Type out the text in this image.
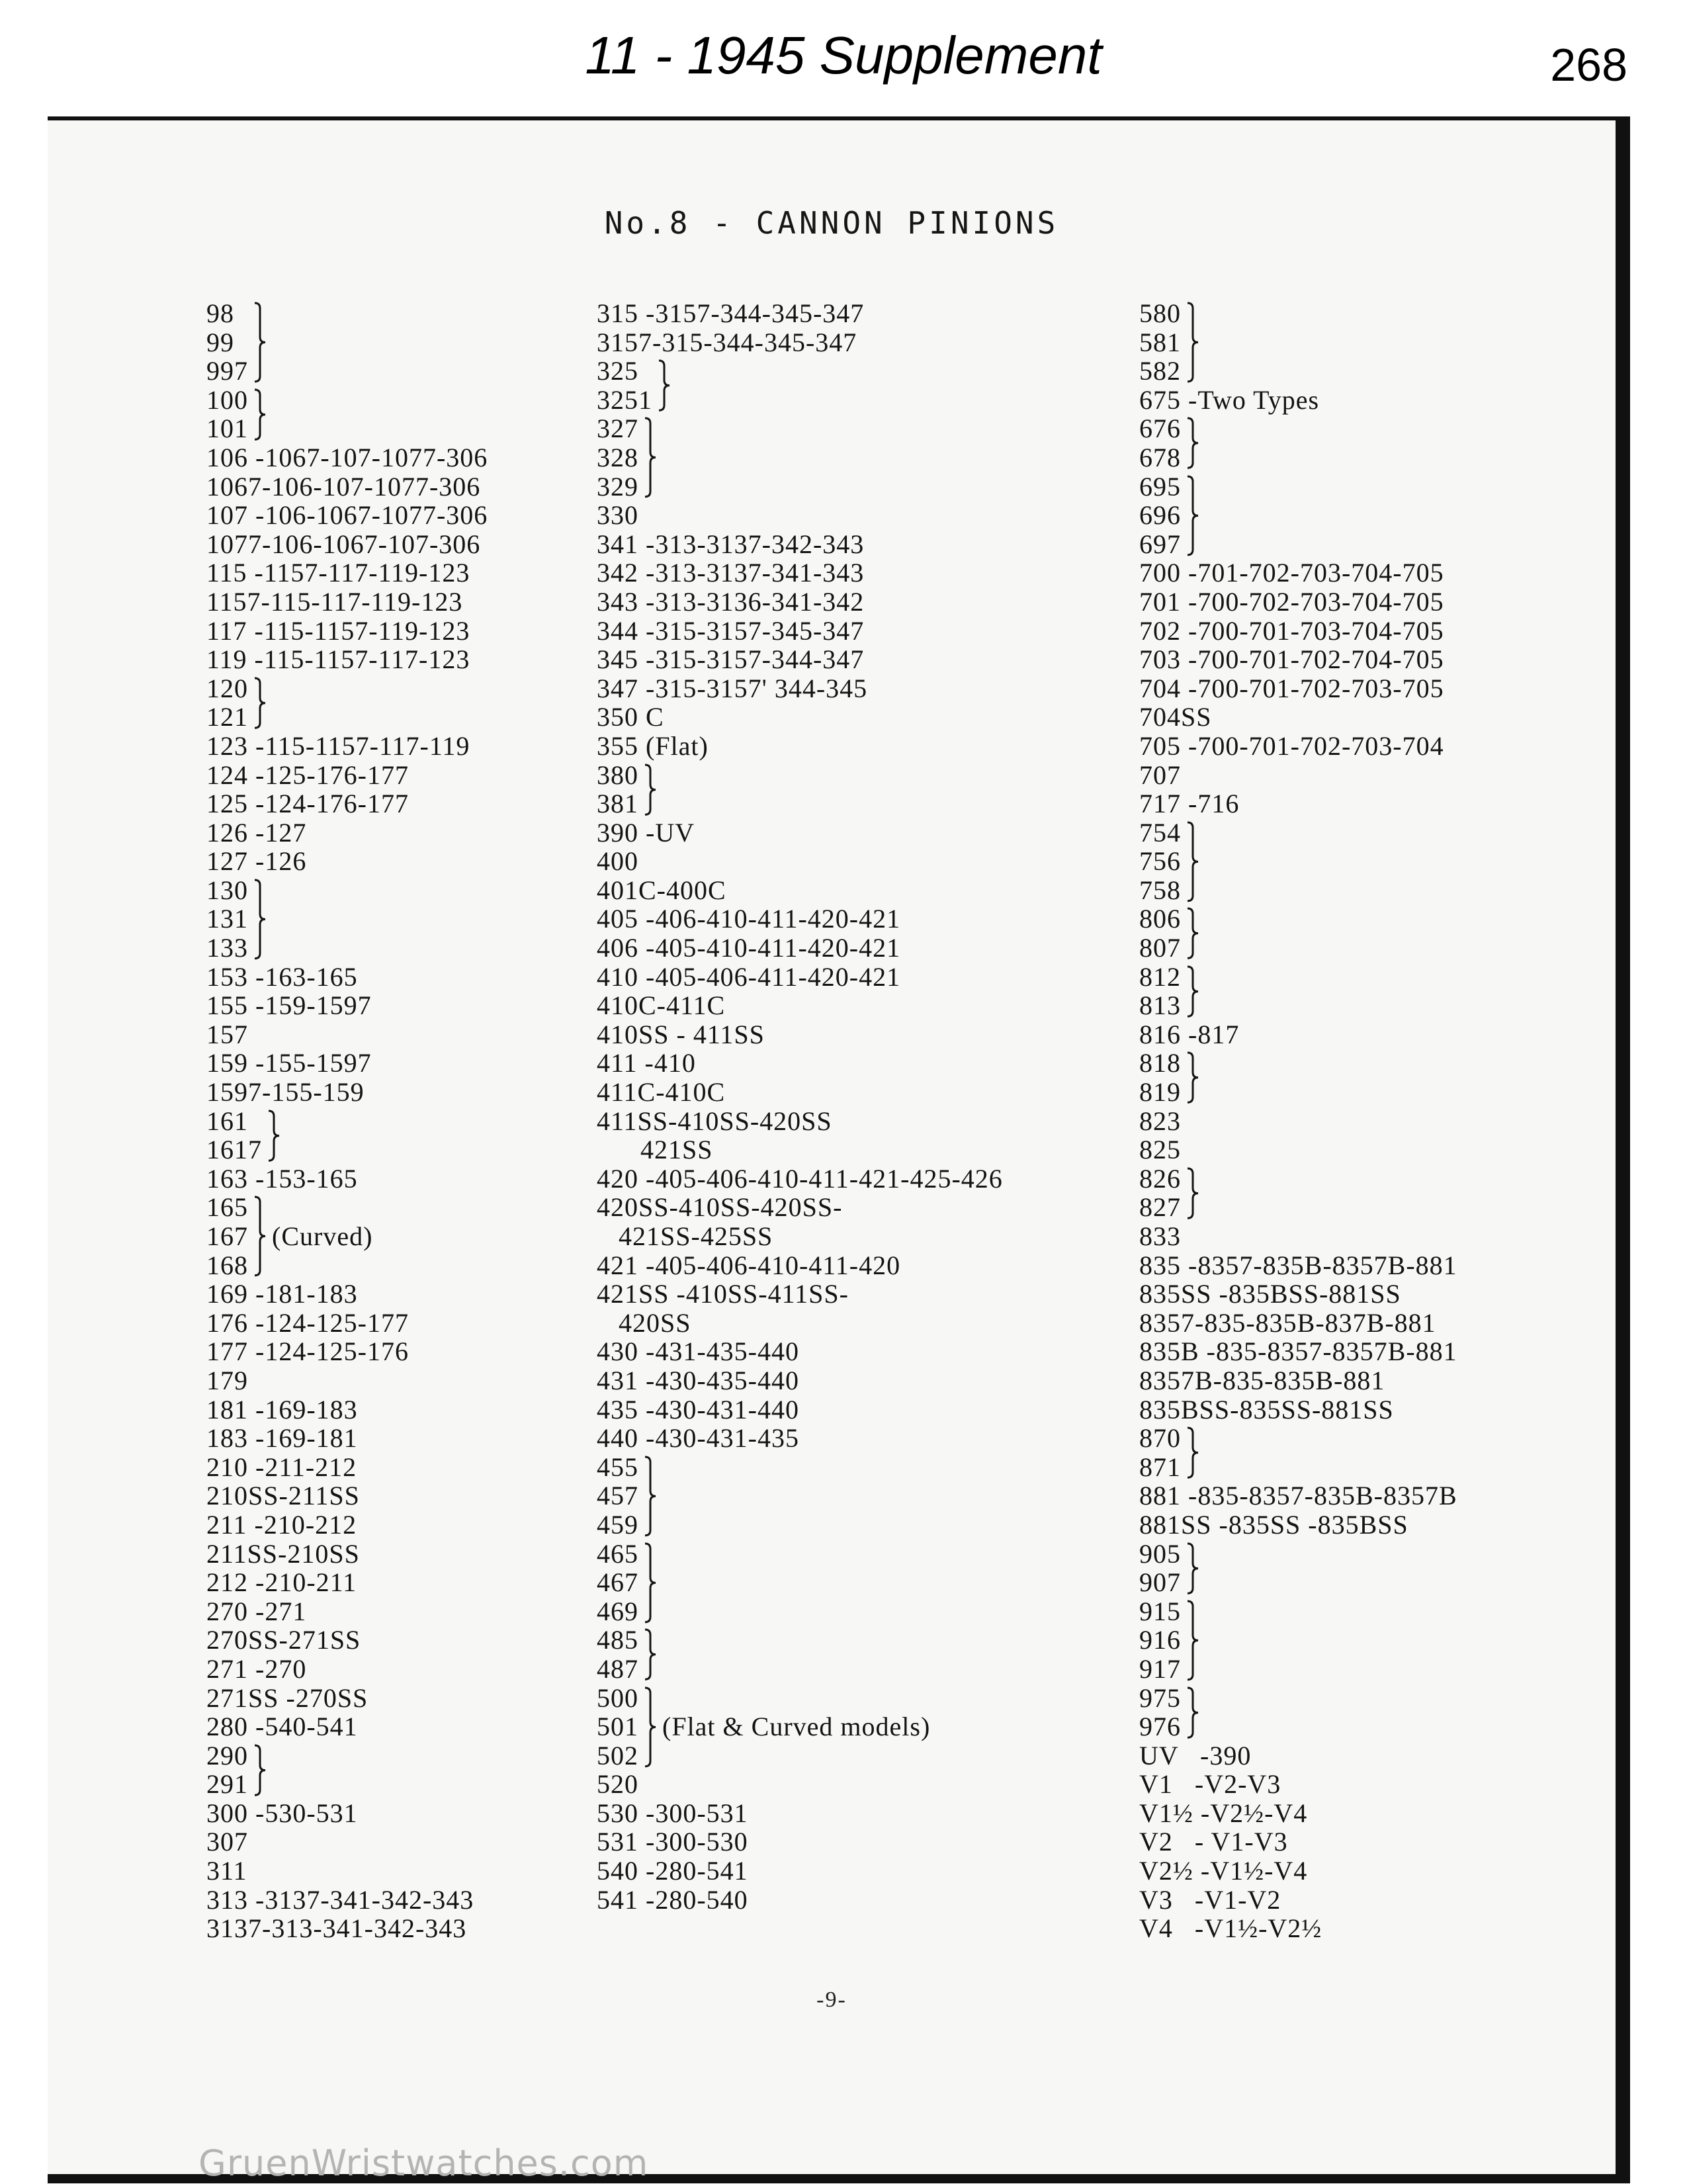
11 - 1945 Supplement	268
No.8 - CANNON PINIONS
98
99
997
100
101
106 -1067-107-1077-306
1067-106-107-1077-306
107 -106-1067-1077-306
1077-106-1067-107-306
115 -1157-117-119-123
1157-115-117-119-123
117 -115-1157-119-123
119 -115-1157-117-123
120
121
123 -115-1157-117-119
124 -125-176-177
125 -124-176-177
126 -127
127 -126
130
131
133
153 -163-165
155 -159-1597
157
159 -155-1597
1597-155-159
161
1617
163 -153-165
165
167
168
(Curved)
169 -181-183
176 -124-125-177
177 -124-125-176
179
181 -169-183
183 -169-181
210 -211-212
210SS-211SS
211 -210-212
211SS-210SS
212 -210-211
270 -271
270SS-271SS
271 -270
271SS -270SS
280 -540-541
290
291
300 -530-531
307
311
313 -3137-341-342-343
3137-313-341-342-343
315 -3157-344-345-347
3157-315-344-345-347
325
3251
327
328
329
330
341 -313-3137-342-343
342 -313-3137-341-343
343 -313-3136-341-342
344 -315-3157-345-347
345 -315-3157-344-347
347 -315-3157' 344-345
350 C
355 (Flat)
380
381
390 -UV
400
401C-400C
405 -406-410-411-420-421
406 -405-410-411-420-421
410 -405-406-411-420-421
410C-411C
410SS - 411SS
411 -410
411C-410C
411SS-410SS-420SS
421SS
420 -405-406-410-411-421-425-426
420SS-410SS-420SS-
421SS-425SS
421 -405-406-410-411-420
421SS -410SS-411SS-
420SS
430 -431-435-440
431 -430-435-440
435 -430-431-440
440 -430-431-435
455
457
459
465
467
469
485
487
500
501
502
(Flat & Curved models)
520
530 -300-531
531 -300-530
540 -280-541
541 -280-540
580
581
582
675 -Two Types
676
678
695
696
697
700 -701-702-703-704-705
701 -700-702-703-704-705
702 -700-701-703-704-705
703 -700-701-702-704-705
704 -700-701-702-703-705
704SS
705 -700-701-702-703-704
707
717 -716
754
756
758
806
807
812
813
816 -817
818
819
823
825
826
827
833
835 -8357-835B-8357B-881
835SS -835BSS-881SS
8357-835-835B-837B-881
835B -835-8357-8357B-881
8357B-835-835B-881
835BSS-835SS-881SS
870
871
881 -835-8357-835B-8357B
881SS -835SS -835BSS
905
907
915
916
917
975
976
UV   -390
V1   -V2-V3
V1½ -V2½-V4
V2   - V1-V3
V2½ -V1½-V4
V3   -V1-V2
V4   -V1½-V2½
-9-
GruenWristwatches.com
